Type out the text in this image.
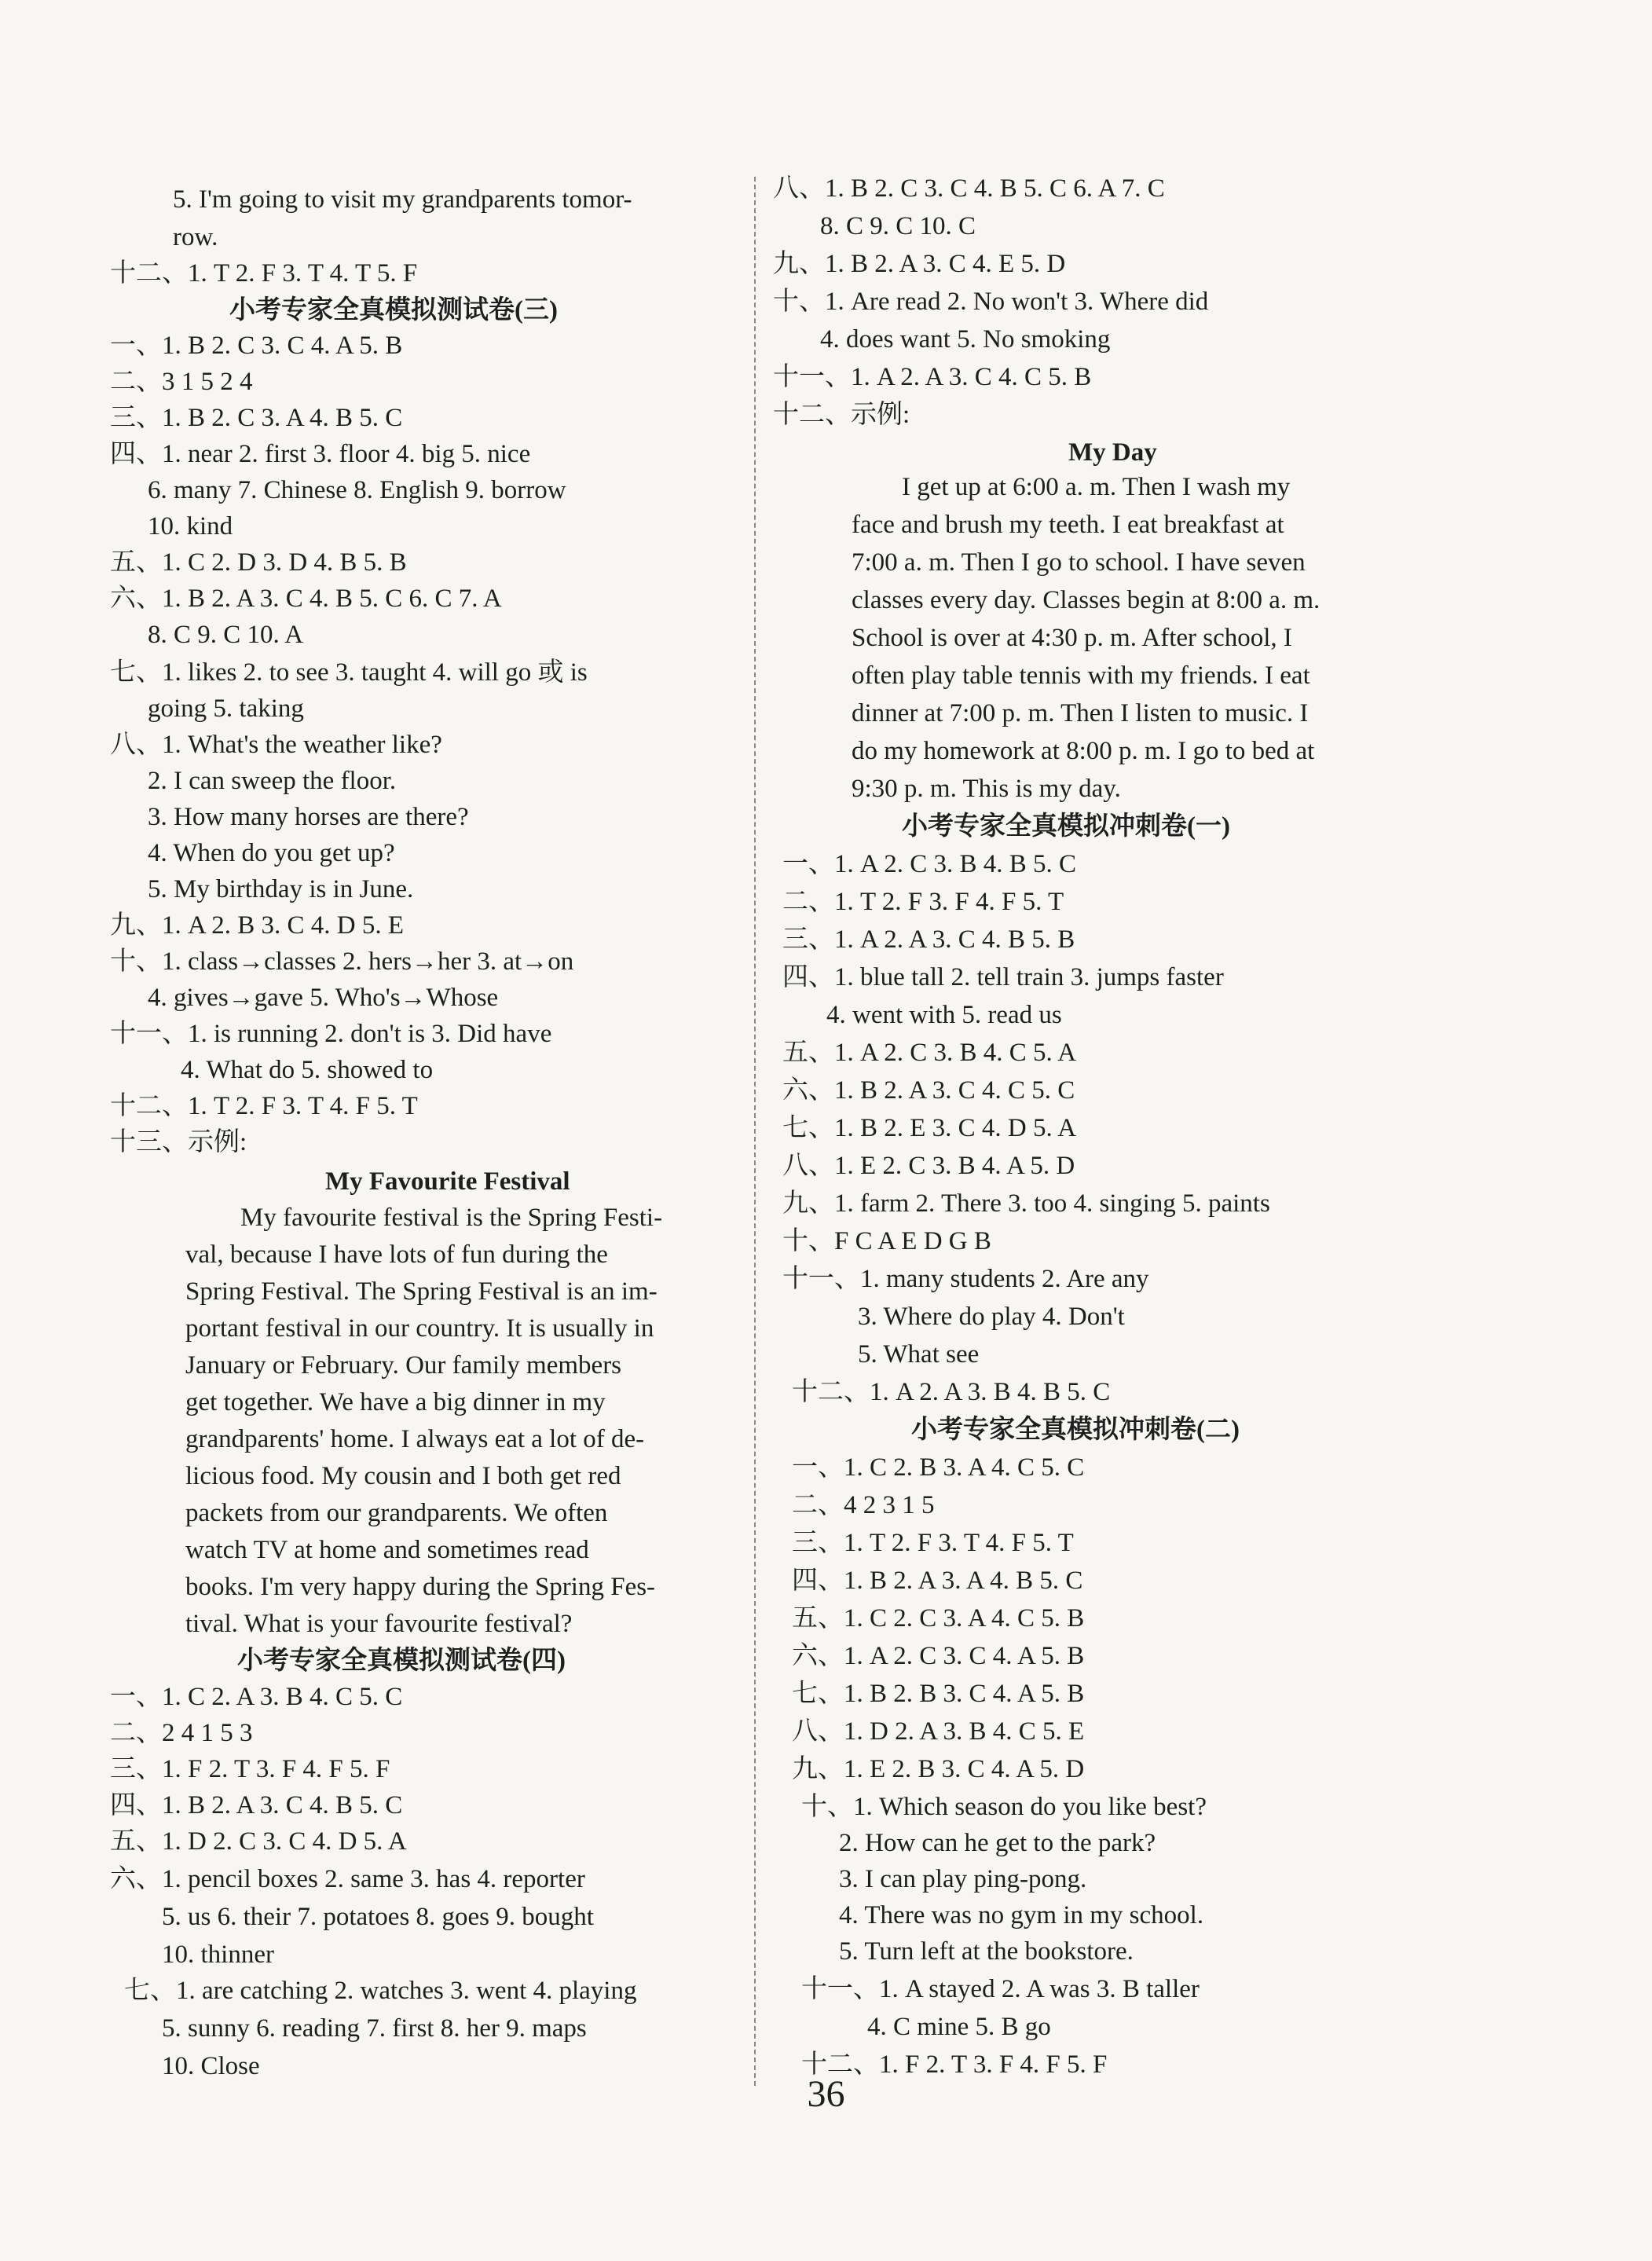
5. I'm going to visit my grandparents tomor-
row.
十二、1. T 2. F 3. T 4. T 5. F
小考专家全真模拟测试卷(三)
一、1. B 2. C 3. C 4. A 5. B
二、3 1 5 2 4
三、1. B 2. C 3. A 4. B 5. C
四、1. near 2. first 3. floor 4. big 5. nice
6. many 7. Chinese 8. English 9. borrow
10. kind
五、1. C 2. D 3. D 4. B 5. B
六、1. B 2. A 3. C 4. B 5. C 6. C 7. A
8. C 9. C 10. A
七、1. likes 2. to see 3. taught 4. will go 或 is
going 5. taking
八、1. What's the weather like?
2. I can sweep the floor.
3. How many horses are there?
4. When do you get up?
5. My birthday is in June.
九、1. A 2. B 3. C 4. D 5. E
十、1. class→classes 2. hers→her 3. at→on
4. gives→gave 5. Who's→Whose
十一、1. is running 2. don't is 3. Did have
4. What do 5. showed to
十二、1. T 2. F 3. T 4. F 5. T
十三、示例:
My Favourite Festival
My favourite festival is the Spring Festi-
val, because I have lots of fun during the
Spring Festival. The Spring Festival is an im-
portant festival in our country. It is usually in
January or February. Our family members
get together. We have a big dinner in my
grandparents' home. I always eat a lot of de-
licious food. My cousin and I both get red
packets from our grandparents. We often
watch TV at home and sometimes read
books. I'm very happy during the Spring Fes-
tival. What is your favourite festival?
小考专家全真模拟测试卷(四)
一、1. C 2. A 3. B 4. C 5. C
二、2 4 1 5 3
三、1. F 2. T 3. F 4. F 5. F
四、1. B 2. A 3. C 4. B 5. C
五、1. D 2. C 3. C 4. D 5. A
六、1. pencil boxes 2. same 3. has 4. reporter
5. us 6. their 7. potatoes 8. goes 9. bought
10. thinner
七、1. are catching 2. watches 3. went 4. playing
5. sunny 6. reading 7. first 8. her 9. maps
10. Close
八、1. B 2. C 3. C 4. B 5. C 6. A 7. C
8. C 9. C 10. C
九、1. B 2. A 3. C 4. E 5. D
十、1. Are read 2. No won't 3. Where did
4. does want 5. No smoking
十一、1. A 2. A 3. C 4. C 5. B
十二、示例:
My Day
I get up at 6:00 a. m. Then I wash my
face and brush my teeth. I eat breakfast at
7:00 a. m. Then I go to school. I have seven
classes every day. Classes begin at 8:00 a. m.
School is over at 4:30 p. m. After school, I
often play table tennis with my friends. I eat
dinner at 7:00 p. m. Then I listen to music. I
do my homework at 8:00 p. m. I go to bed at
9:30 p. m. This is my day.
小考专家全真模拟冲刺卷(一)
一、1. A 2. C 3. B 4. B 5. C
二、1. T 2. F 3. F 4. F 5. T
三、1. A 2. A 3. C 4. B 5. B
四、1. blue tall 2. tell train 3. jumps faster
4. went with 5. read us
五、1. A 2. C 3. B 4. C 5. A
六、1. B 2. A 3. C 4. C 5. C
七、1. B 2. E 3. C 4. D 5. A
八、1. E 2. C 3. B 4. A 5. D
九、1. farm 2. There 3. too 4. singing 5. paints
十、F C A E D G B
十一、1. many students 2. Are any
3. Where do play 4. Don't
5. What see
十二、1. A 2. A 3. B 4. B 5. C
小考专家全真模拟冲刺卷(二)
一、1. C 2. B 3. A 4. C 5. C
二、4 2 3 1 5
三、1. T 2. F 3. T 4. F 5. T
四、1. B 2. A 3. A 4. B 5. C
五、1. C 2. C 3. A 4. C 5. B
六、1. A 2. C 3. C 4. A 5. B
七、1. B 2. B 3. C 4. A 5. B
八、1. D 2. A 3. B 4. C 5. E
九、1. E 2. B 3. C 4. A 5. D
十、1. Which season do you like best?
2. How can he get to the park?
3. I can play ping-pong.
4. There was no gym in my school.
5. Turn left at the bookstore.
十一、1. A stayed 2. A was 3. B taller
4. C mine 5. B go
十二、1. F 2. T 3. F 4. F 5. F
36
